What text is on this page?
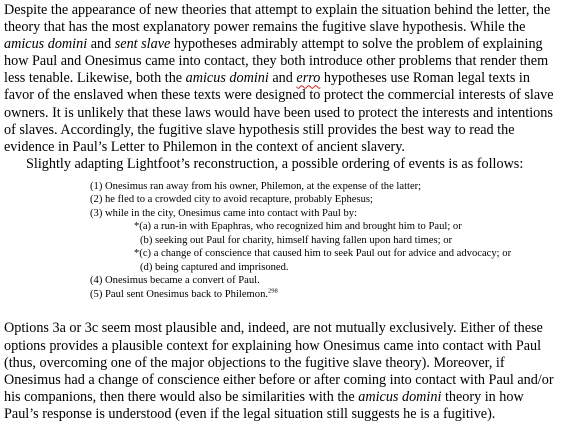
Despite the appearance of new theories that attempt to explain the situation behind the letter, the
theory that has the most explanatory power remains the fugitive slave hypothesis. While the
amicus domini and sent slave hypotheses admirably attempt to solve the problem of explaining
how Paul and Onesimus came into contact, they both introduce other problems that render them
less tenable. Likewise, both the amicus domini and erro hypotheses use Roman legal texts in
favor of the enslaved when these texts were designed to protect the commercial interests of slave
owners. It is unlikely that these laws would have been used to protect the interests and intentions
of slaves. Accordingly, the fugitive slave hypothesis still provides the best way to read the
evidence in Paul’s Letter to Philemon in the context of ancient slavery.
Slightly adapting Lightfoot’s reconstruction, a possible ordering of events is as follows:

(1) Onesimus ran away from his owner, Philemon, at the expense of the latter;
(2) he fled to a crowded city to avoid recapture, probably Ephesus;
(3) while in the city, Onesimus came into contact with Paul by:
*(a) a run-in with Epaphras, who recognized him and brought him to Paul; or
(b) seeking out Paul for charity, himself having fallen upon hard times; or
*(c) a change of conscience that caused him to seek Paul out for advice and advocacy; or
(d) being captured and imprisoned.
(4) Onesimus became a convert of Paul.
(5) Paul sent Onesimus back to Philemon.$^{298}$

Options 3a or 3c seem most plausible and, indeed, are not mutually exclusively. Either of these
options provides a plausible context for explaining how Onesimus came into contact with Paul
(thus, overcoming one of the major objections to the fugitive slave theory). Moreover, if
Onesimus had a change of conscience either before or after coming into contact with Paul and/or
his companions, then there would also be similarities with the amicus domini theory in how
Paul’s response is understood (even if the legal situation still suggests he is a fugitive).
